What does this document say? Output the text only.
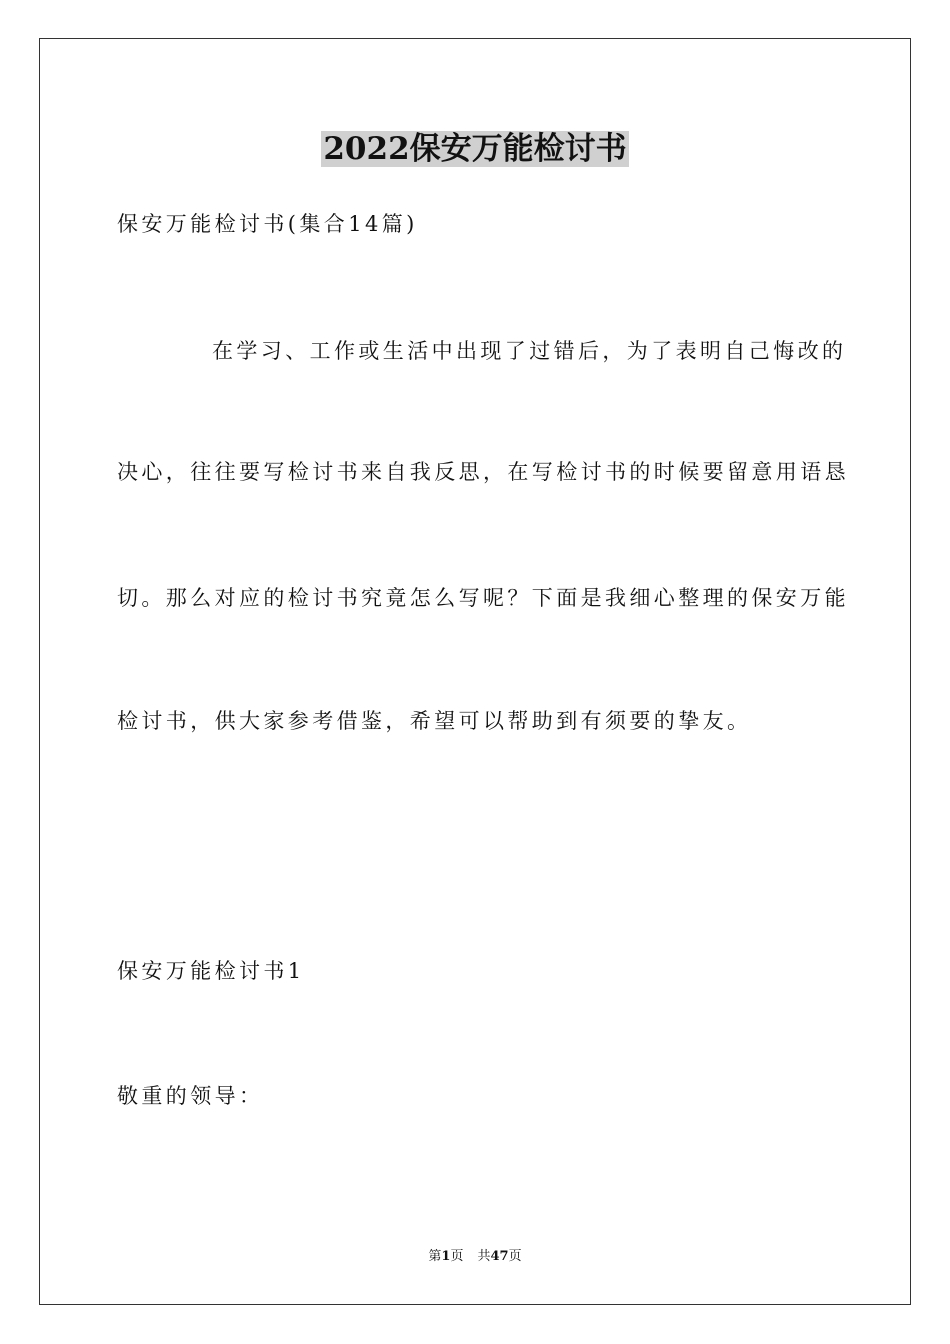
2022保安万能检讨书
保安万能检讨书(集合14篇)
在学习、工作或生活中出现了过错后，为了表明自己悔改的
决心，往往要写检讨书来自我反思，在写检讨书的时候要留意用语恳
切。那么对应的检讨书究竟怎么写呢？下面是我细心整理的保安万能
检讨书，供大家参考借鉴，希望可以帮助到有须要的挚友。
保安万能检讨书1
敬重的领导：
第1页 共47页
